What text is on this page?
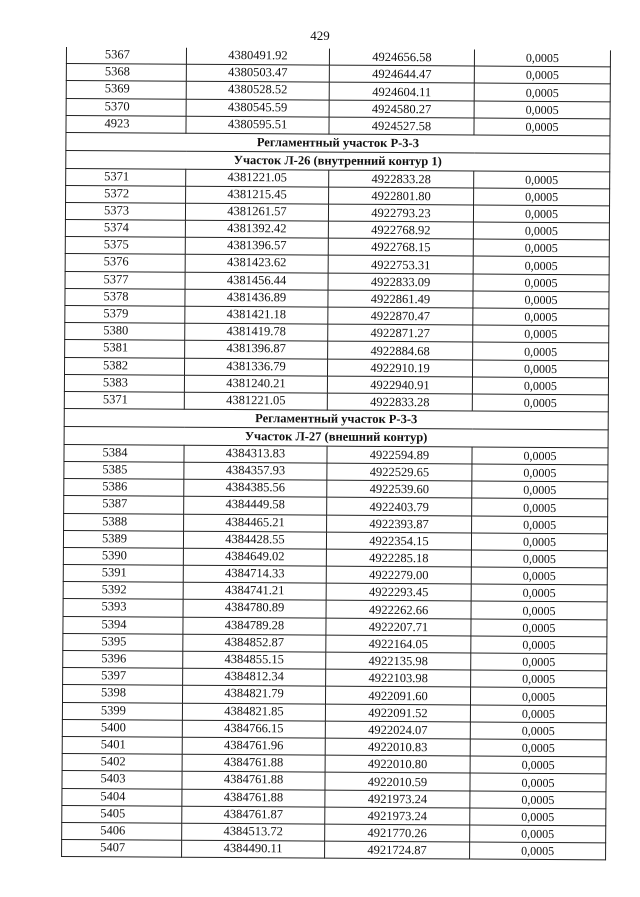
429
5367	4380491.92	4924656.58	0,0005
5368	4380503.47	4924644.47	0,0005
5369	4380528.52	4924604.11	0,0005
5370	4380545.59	4924580.27	0,0005
4923	4380595.51	4924527.58	0,0005
Регламентный участок Р-3-3			
Участок Л-26 (внутренний контур 1)			
5371	4381221.05	4922833.28	0,0005
5372	4381215.45	4922801.80	0,0005
5373	4381261.57	4922793.23	0,0005
5374	4381392.42	4922768.92	0,0005
5375	4381396.57	4922768.15	0,0005
5376	4381423.62	4922753.31	0,0005
5377	4381456.44	4922833.09	0,0005
5378	4381436.89	4922861.49	0,0005
5379	4381421.18	4922870.47	0,0005
5380	4381419.78	4922871.27	0,0005
5381	4381396.87	4922884.68	0,0005
5382	4381336.79	4922910.19	0,0005
5383	4381240.21	4922940.91	0,0005
5371	4381221.05	4922833.28	0,0005
Регламентный участок Р-3-3			
Участок Л-27 (внешний контур)			
5384	4384313.83	4922594.89	0,0005
5385	4384357.93	4922529.65	0,0005
5386	4384385.56	4922539.60	0,0005
5387	4384449.58	4922403.79	0,0005
5388	4384465.21	4922393.87	0,0005
5389	4384428.55	4922354.15	0,0005
5390	4384649.02	4922285.18	0,0005
5391	4384714.33	4922279.00	0,0005
5392	4384741.21	4922293.45	0,0005
5393	4384780.89	4922262.66	0,0005
5394	4384789.28	4922207.71	0,0005
5395	4384852.87	4922164.05	0,0005
5396	4384855.15	4922135.98	0,0005
5397	4384812.34	4922103.98	0,0005
5398	4384821.79	4922091.60	0,0005
5399	4384821.85	4922091.52	0,0005
5400	4384766.15	4922024.07	0,0005
5401	4384761.96	4922010.83	0,0005
5402	4384761.88	4922010.80	0,0005
5403	4384761.88	4922010.59	0,0005
5404	4384761.88	4921973.24	0,0005
5405	4384761.87	4921973.24	0,0005
5406	4384513.72	4921770.26	0,0005
5407	4384490.11	4921724.87	0,0005
